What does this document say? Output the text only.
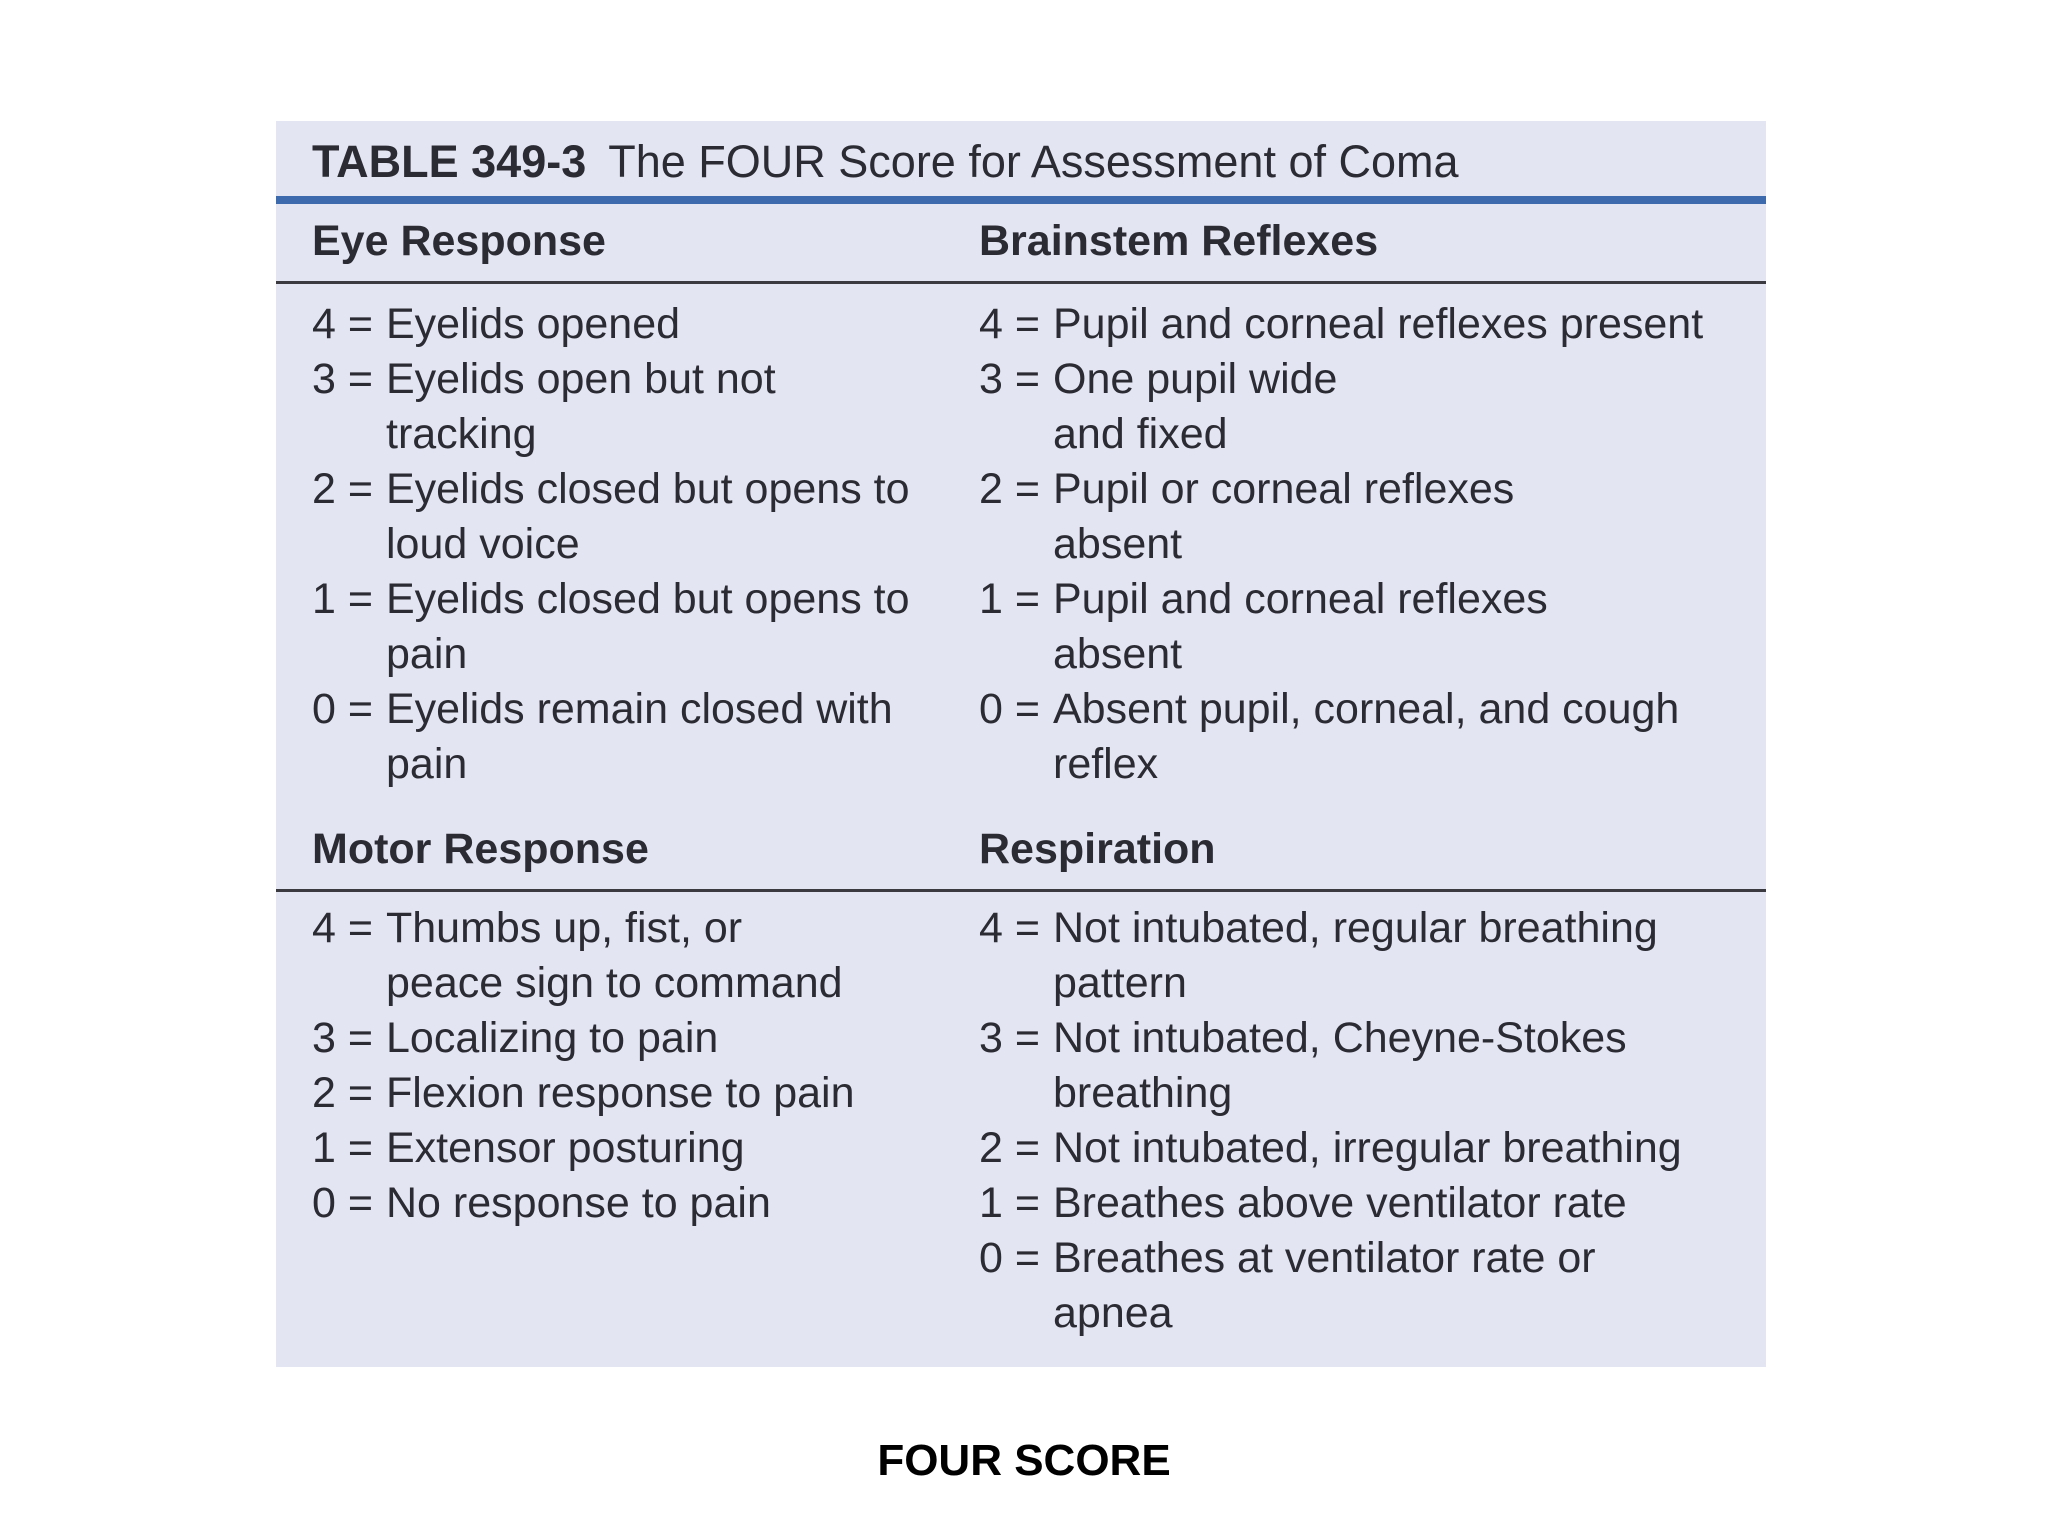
TABLE 349-3 The FOUR Score for Assessment of Coma
Eye Response	Brainstem Reflexes
4 = Eyelids opened
3 = Eyelids open but not tracking
2 = Eyelids closed but opens to loud voice
1 = Eyelids closed but opens to pain
0 = Eyelids remain closed with pain
4 = Pupil and corneal reflexes present
3 = One pupil wide and fixed
2 = Pupil or corneal reflexes absent
1 = Pupil and corneal reflexes absent
0 = Absent pupil, corneal, and cough reflex
Motor Response	Respiration
4 = Thumbs up, fist, or peace sign to command
3 = Localizing to pain
2 = Flexion response to pain
1 = Extensor posturing
0 = No response to pain
4 = Not intubated, regular breathing pattern
3 = Not intubated, Cheyne-Stokes breathing
2 = Not intubated, irregular breathing
1 = Breathes above ventilator rate
0 = Breathes at ventilator rate or apnea
FOUR SCORE
